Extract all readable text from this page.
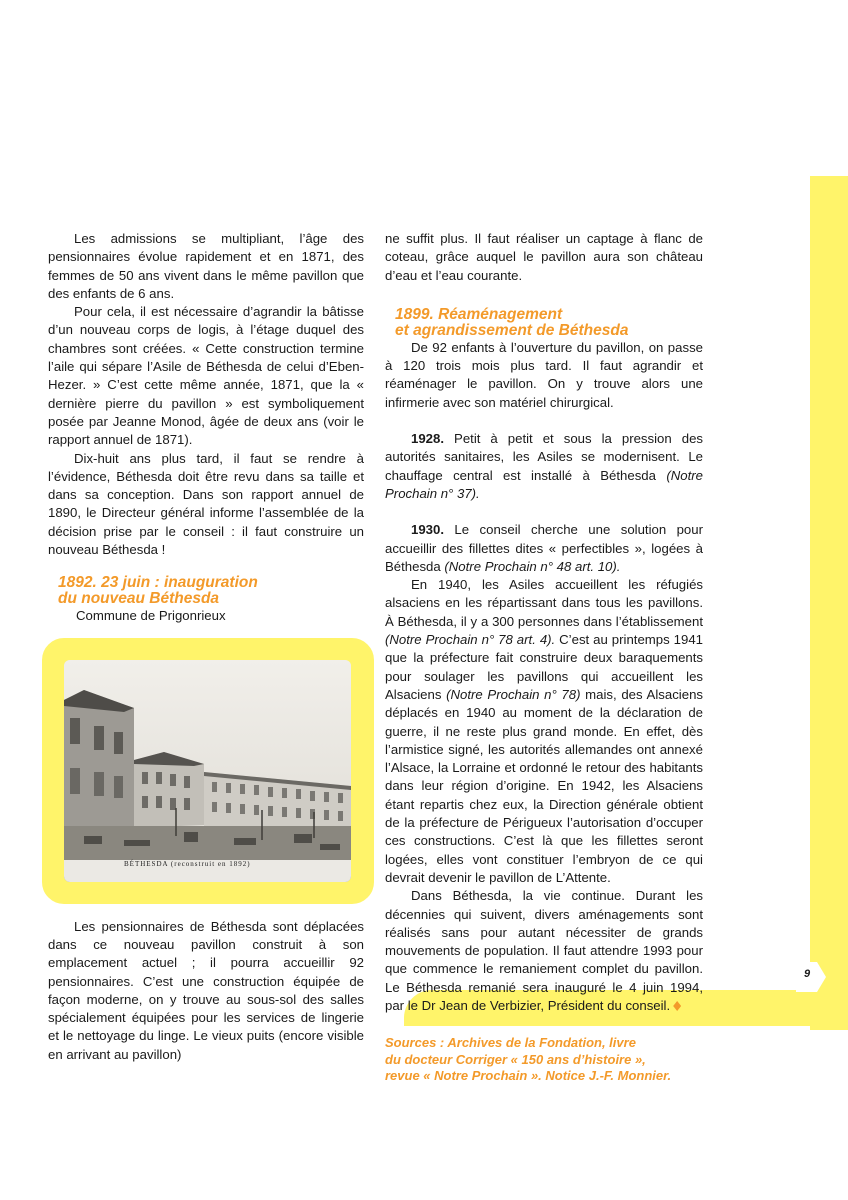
9

Les admissions se multipliant, l’âge des pensionnaires évolue rapidement et en 1871, des femmes de 50 ans vivent dans le même pavillon que des enfants de 6 ans.

Pour cela, il est nécessaire d’agrandir la bâtisse d’un nouveau corps de logis, à l’étage duquel des chambres sont créées. « Cette construction termine l’aile qui sépare l’Asile de Béthesda de celui d’Eben-Hezer. » C’est cette même année, 1871, que la « dernière pierre du pavillon » est symboliquement posée par Jeanne Monod, âgée de deux ans (voir le rapport annuel de 1871).

Dix-huit ans plus tard, il faut se rendre à l’évidence, Béthesda doit être revu dans sa taille et dans sa conception. Dans son rapport annuel de 1890, le Directeur général informe l’assemblée de la décision prise par le conseil : il faut construire un nouveau Béthesda !

1892. 23 juin : inauguration
du nouveau Béthesda

Commune de Prigonrieux

BÉTHESDA (reconstruit en 1892)

Les pensionnaires de Béthesda sont déplacées dans ce nouveau pavillon construit à son emplacement actuel ; il pourra accueillir 92 pensionnaires. C’est une construction équipée de façon moderne, on y trouve au sous-sol des salles spécialement équipées pour les services de lingerie et le nettoyage du linge. Le vieux puits (encore visible en arrivant au pavillon)

ne suffit plus. Il faut réaliser un captage à flanc de coteau, grâce auquel le pavillon aura son château d’eau et l’eau courante.

1899. Réaménagement
et agrandissement de Béthesda

De 92 enfants à l’ouverture du pavillon, on passe à 120 trois mois plus tard. Il faut agrandir et réaménager le pavillon. On y trouve alors une infirmerie avec son matériel chirurgical.

1928. Petit à petit et sous la pression des autorités sanitaires, les Asiles se modernisent. Le chauffage central est installé à Béthesda (Notre Prochain n° 37).

1930. Le conseil cherche une solution pour accueillir des fillettes dites « perfectibles », logées à Béthesda (Notre Prochain n° 48 art. 10).

En 1940, les Asiles accueillent les réfugiés alsaciens en les répartissant dans tous les pavillons. À Béthesda, il y a 300 personnes dans l’établissement (Notre Prochain n° 78 art. 4). C’est au printemps 1941 que la préfecture fait construire deux baraquements pour soulager les pavillons qui accueillent les Alsaciens (Notre Prochain n° 78) mais, des Alsaciens déplacés en 1940 au moment de la déclaration de guerre, il ne reste plus grand monde. En effet, dès l’armistice signé, les autorités allemandes ont annexé l’Alsace, la Lorraine et ordonné le retour des habitants dans leur région d’origine. En 1942, les Alsaciens étant repartis chez eux, la Direction générale obtient de la préfecture de Périgueux l’autorisation d’occuper ces constructions. C’est là que les fillettes seront logées, elles vont constituer l’embryon de ce qui devrait devenir le pavillon de L’Attente.

Dans Béthesda, la vie continue. Durant les décennies qui suivent, divers aménagements sont réalisés sans pour autant nécessiter de grands mouvements de population. Il faut attendre 1993 pour que commence le remaniement complet du pavillon. Le Béthesda remanié sera inauguré le 4 juin 1994, par le Dr Jean de Verbizier, Président du conseil.

Sources : Archives de la Fondation, livre
du docteur Corriger « 150 ans d’histoire »,
revue « Notre Prochain ». Notice J.-F. Monnier.
